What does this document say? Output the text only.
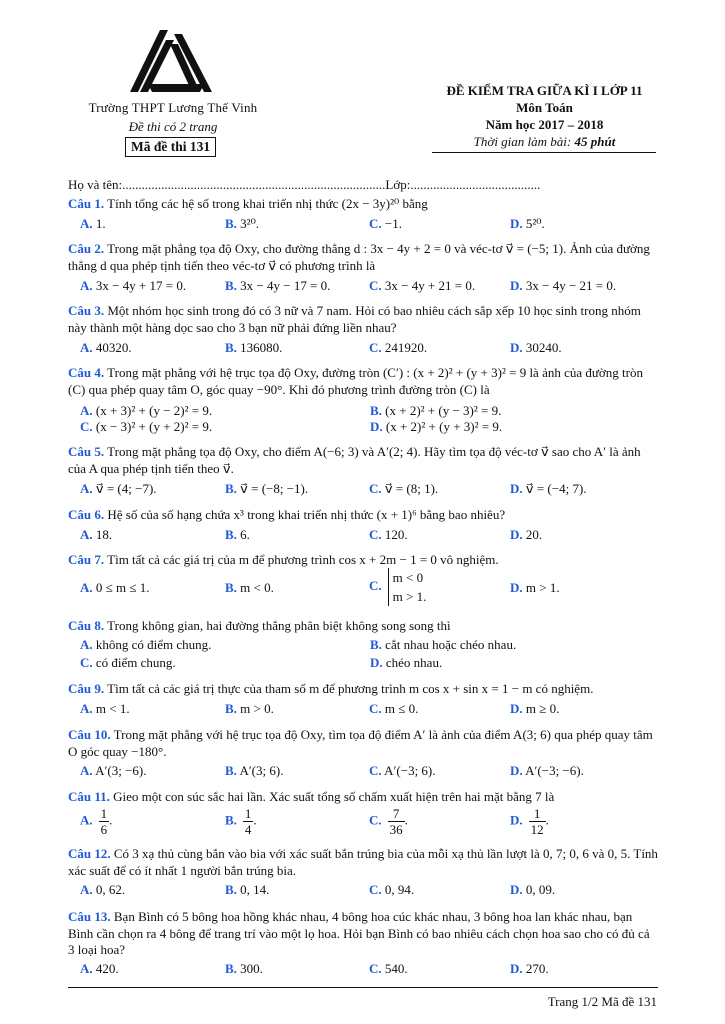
Trường THPT Lương Thế Vinh
Đề thi có 2 trang
Mã đề thi 131
ĐỀ KIỂM TRA GIỮA KÌ I LỚP 11
Môn Toán
Năm học 2017 – 2018
Thời gian làm bài: 45 phút
Họ và tên:.................................................................................Lớp:........................................
Câu 1. Tính tổng các hệ số trong khai triển nhị thức (2x − 3y)²⁰ bằng
A. 1.	B. 3²⁰.	C. −1.	D. 5²⁰.
Câu 2. Trong mặt phẳng tọa độ Oxy, cho đường thẳng d : 3x − 4y + 2 = 0 và véc-tơ v⃗ = (−5; 1). Ảnh của đường thẳng d qua phép tịnh tiến theo véc-tơ v⃗ có phương trình là
A. 3x − 4y + 17 = 0.	B. 3x − 4y − 17 = 0.	C. 3x − 4y + 21 = 0.	D. 3x − 4y − 21 = 0.
Câu 3. Một nhóm học sinh trong đó có 3 nữ và 7 nam. Hỏi có bao nhiêu cách sắp xếp 10 học sinh trong nhóm này thành một hàng dọc sao cho 3 bạn nữ phải đứng liền nhau?
A. 40320.	B. 136080.	C. 241920.	D. 30240.
Câu 4. Trong mặt phẳng với hệ trục tọa độ Oxy, đường tròn (C′) : (x + 2)² + (y + 3)² = 9 là ảnh của đường tròn (C) qua phép quay tâm O, góc quay −90°. Khi đó phương trình đường tròn (C) là
A. (x + 3)² + (y − 2)² = 9.	B. (x + 2)² + (y − 3)² = 9.
C. (x − 3)² + (y + 2)² = 9.	D. (x + 2)² + (y + 3)² = 9.
Câu 5. Trong mặt phẳng tọa độ Oxy, cho điểm A(−6; 3) và A′(2; 4). Hãy tìm tọa độ véc-tơ v⃗ sao cho A′ là ảnh của A qua phép tịnh tiến theo v⃗.
A. v⃗ = (4; −7).	B. v⃗ = (−8; −1).	C. v⃗ = (8; 1).	D. v⃗ = (−4; 7).
Câu 6. Hệ số của số hạng chứa x³ trong khai triển nhị thức (x + 1)⁶ bằng bao nhiêu?
A. 18.	B. 6.	C. 120.	D. 20.
Câu 7. Tìm tất cả các giá trị của m để phương trình cos x + 2m − 1 = 0 vô nghiệm.
A. 0 ≤ m ≤ 1.	B. m < 0.	C.
m < 0
m > 1.
D. m > 1.
Câu 8. Trong không gian, hai đường thẳng phân biệt không song song thì
A. không có điểm chung.	B. cắt nhau hoặc chéo nhau.
C. có điểm chung.	D. chéo nhau.
Câu 9. Tìm tất cả các giá trị thực của tham số m để phương trình m cos x + sin x = 1 − m có nghiệm.
A. m < 1.	B. m > 0.	C. m ≤ 0.	D. m ≥ 0.
Câu 10. Trong mặt phẳng với hệ trục tọa độ Oxy, tìm tọa độ điểm A′ là ảnh của điểm A(3; 6) qua phép quay tâm O góc quay −180°.
A. A′(3; −6).	B. A′(3; 6).	C. A′(−3; 6).	D. A′(−3; −6).
Câu 11. Gieo một con súc sắc hai lần. Xác suất tổng số chấm xuất hiện trên hai mặt bằng 7 là
A. $\frac{1}{6}$ .	B. $\frac{1}{4}$ .	C. $\frac{7}{36}$ .	D. $\frac{1}{12}$ .
Câu 12. Có 3 xạ thủ cùng bắn vào bia với xác suất bắn trúng bia của mỗi xạ thủ lần lượt là 0, 7; 0, 6 và 0, 5. Tính xác suất để có ít nhất 1 người bắn trúng bia.
A. 0, 62.	B. 0, 14.	C. 0, 94.	D. 0, 09.
Câu 13. Bạn Bình có 5 bông hoa hồng khác nhau, 4 bông hoa cúc khác nhau, 3 bông hoa lan khác nhau, bạn Bình cần chọn ra 4 bông để trang trí vào một lọ hoa. Hỏi bạn Bình có bao nhiêu cách chọn hoa sao cho có đủ cả 3 loại hoa?
A. 420.	B. 300.	C. 540.	D. 270.
Trang 1/2 Mã đề 131
